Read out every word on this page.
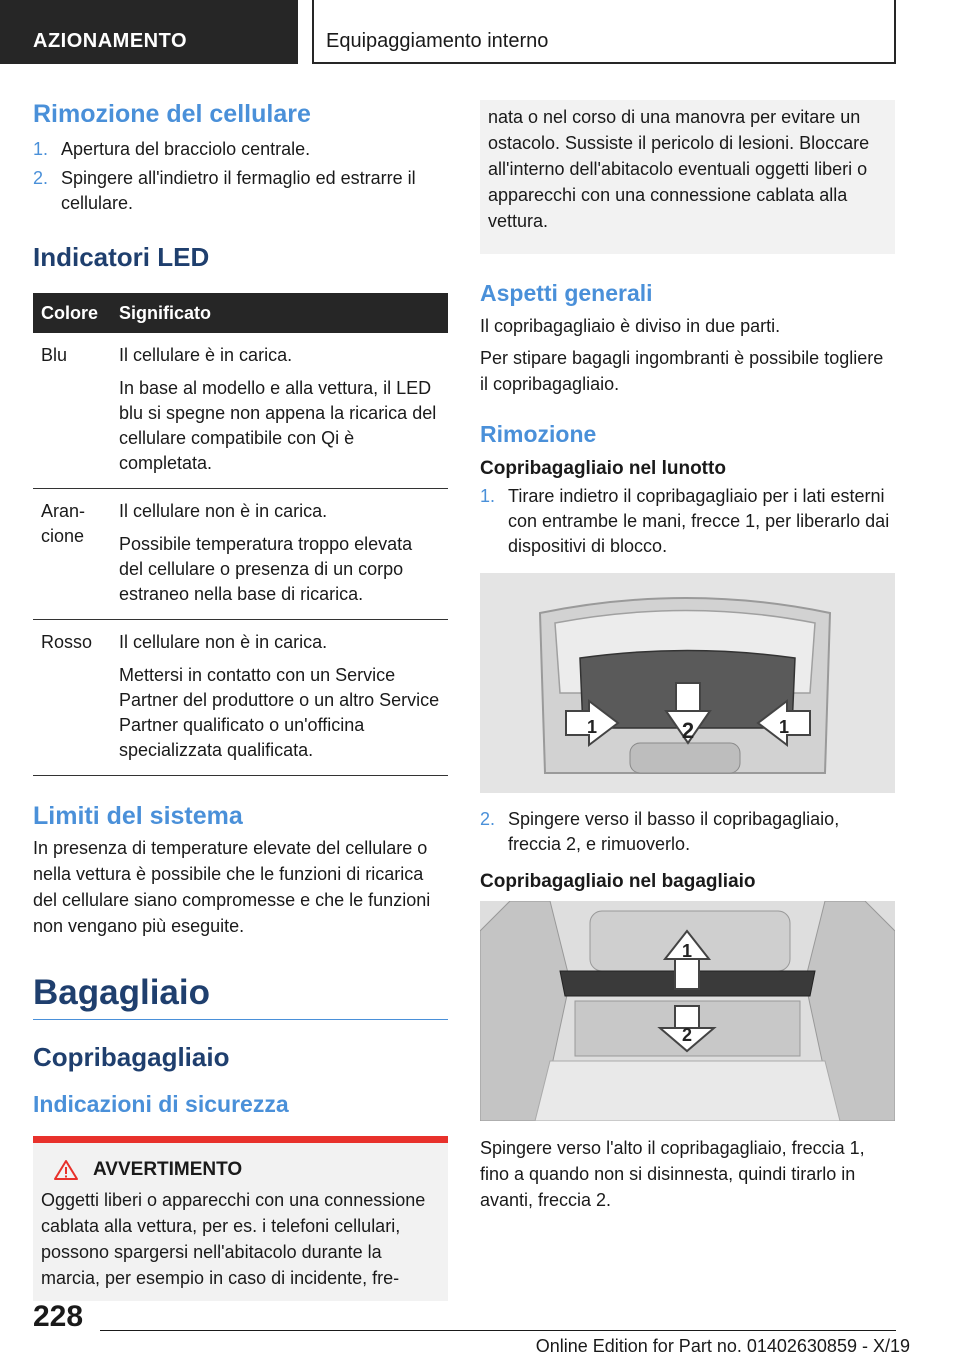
AZIONAMENTO	Equipaggiamento interno
Rimozione del cellulare
1. Apertura del bracciolo centrale.
2. Spingere all'indietro il fermaglio ed estrarre il cellulare.
Indicatori LED
Colore	Significato
Blu	Il cellulare è in carica.

In base al modello e alla vettura, il LED blu si spegne non appena la ricarica del cellulare compatibile con Qi è completata.

Arancione	Il cellulare non è in carica.

Possibile temperatura troppo elevata del cellulare o presenza di un corpo estraneo nella base di ricarica.

Rosso	Il cellulare non è in carica.

Mettersi in contatto con un Service Partner del produttore o un altro Service Partner qualificato o un'officina specializzata qualificata.

Limiti del sistema
In presenza di temperature elevate del cellulare o nella vettura è possibile che le funzioni di ricarica del cellulare siano compromesse e che le funzioni non vengano più eseguite.
Bagagliaio
Copribagagliaio
Indicazioni di sicurezza
AVVERTIMENTO
Oggetti liberi o apparecchi con una connessione cablata alla vettura, per es. i telefoni cellulari, possono spargersi nell'abitacolo durante la marcia, per esempio in caso di incidente, fre-
nata o nel corso di una manovra per evitare un ostacolo. Sussiste il pericolo di lesioni. Bloccare all'interno dell'abitacolo eventuali oggetti liberi o apparecchi con una connessione cablata alla vettura.
Aspetti generali
Il copribagagliaio è diviso in due parti.
Per stipare bagagli ingombranti è possibile togliere il copribagagliaio.
Rimozione
Copribagagliaio nel lunotto
1. Tirare indietro il copribagagliaio per i lati esterni con entrambe le mani, frecce 1, per liberarlo dai dispositivi di blocco.
1	2	1
2. Spingere verso il basso il copribagagliaio, freccia 2, e rimuoverlo.
Copribagagliaio nel bagagliaio
1
2
Spingere verso l'alto il copribagagliaio, freccia 1, fino a quando non si disinnesta, quindi tirarlo in avanti, freccia 2.
228
Online Edition for Part no. 01402630859 - X/19
